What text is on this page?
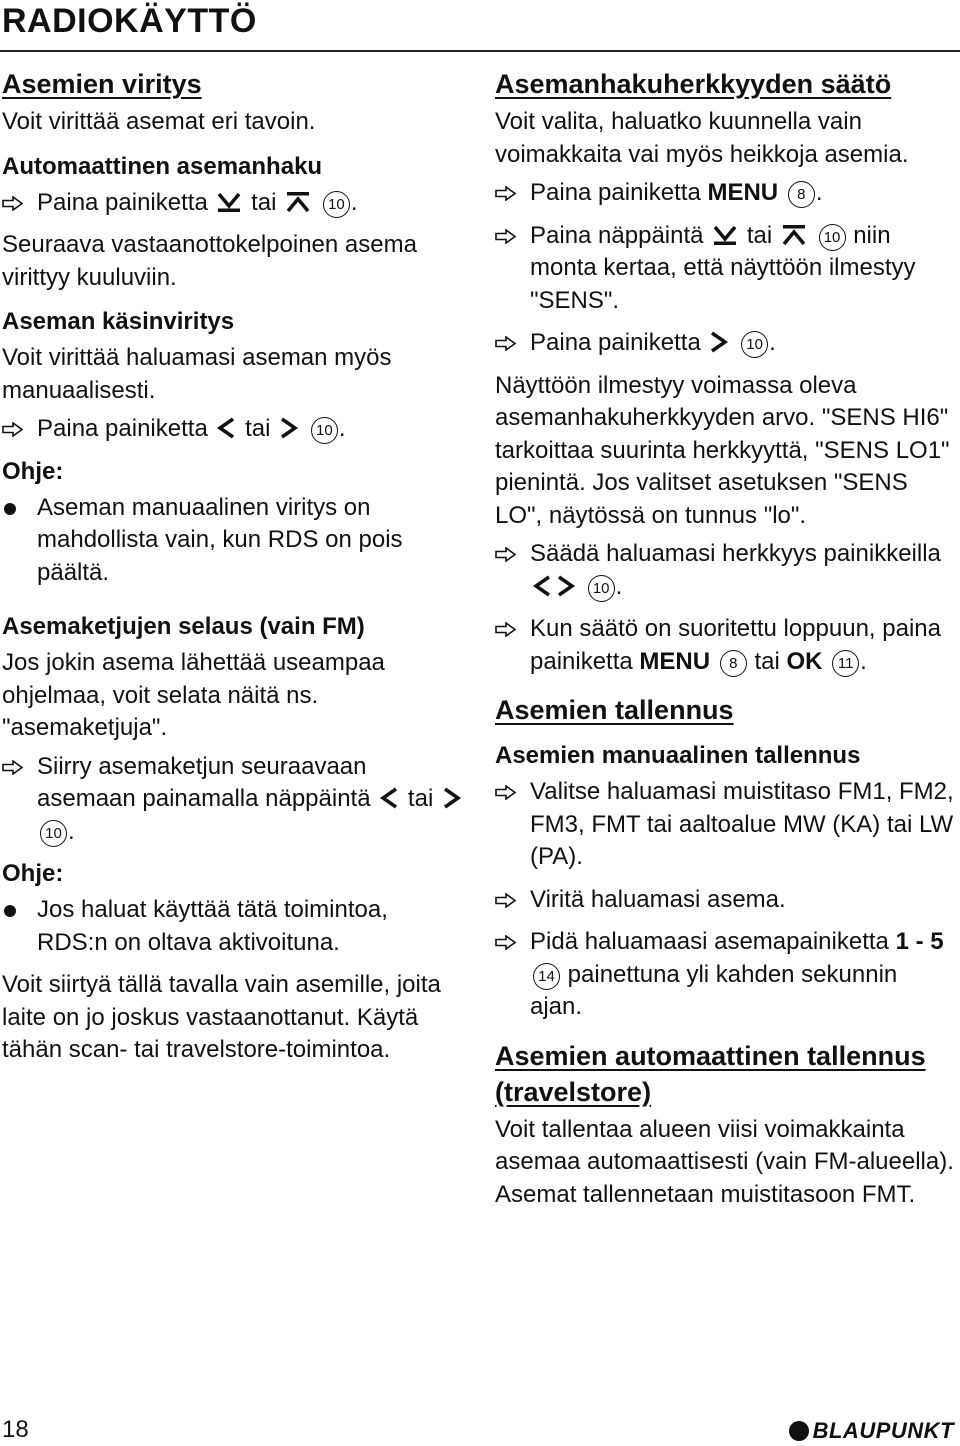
RADIOKÄYTTÖ
Asemien viritys
Voit virittää asemat eri tavoin.
Automaattinen asemanhaku
Paina painiketta tai	10 .
Seuraava vastaanottokelpoinen asema virittyy kuuluviin.
Aseman käsinviritys
Voit virittää haluamasi aseman myös manuaalisesti.
Paina painiketta tai	10 .
Ohje:
Aseman manuaalinen viritys on mahdollista vain, kun RDS on pois päältä.
Asemaketjujen selaus (vain FM)
Jos jokin asema lähettää useampaa ohjelmaa, voit selata näitä ns. "asemaketjuja".
Siirry asemaketjun seuraavaan asemaan painamalla näppäintä tai  10 .
Ohje:
Jos haluat käyttää tätä toimintoa, RDS:n on oltava aktivoituna.
Voit siirtyä tällä tavalla vain asemille, joita laite on jo joskus vastaanottanut. Käytä tähän scan- tai travelstore-toimintoa.
Asemanhakuherkkyyden säätö
Voit valita, haluatko kuunnella vain voimakkaita vai myös heikkoja asemia.
Paina painiketta MENU 8 .
Paina näppäintä tai	10 niin monta kertaa, että näyttöön ilmestyy "SENS".
Paina painiketta	10 .
Näyttöön ilmestyy voimassa oleva asemanhakuherkkyyden arvo. "SENS HI6" tarkoittaa suurinta herkkyyttä, "SENS LO1" pienintä. Jos valitset asetuksen "SENS LO", näytössä on tunnus "lo".
Säädä haluamasi herkkyys painikkeilla  10 .
Kun säätö on suoritettu loppuun, paina painiketta MENU 8 tai OK 11 .
Asemien tallennus
Asemien manuaalinen tallennus
Valitse haluamasi muistitaso FM1, FM2, FM3, FMT tai aaltoalue MW (KA) tai LW (PA).
Viritä haluamasi asema.
Pidä haluamaasi asemapainiketta 1 - 5 14 painettuna yli kahden sekunnin ajan.
Asemien automaattinen tallennus (travelstore)
Voit tallentaa alueen viisi voimakkainta asemaa automaattisesti (vain FM-alueella). Asemat tallennetaan muistitasoon FMT.
18	BLAUPUNKT
